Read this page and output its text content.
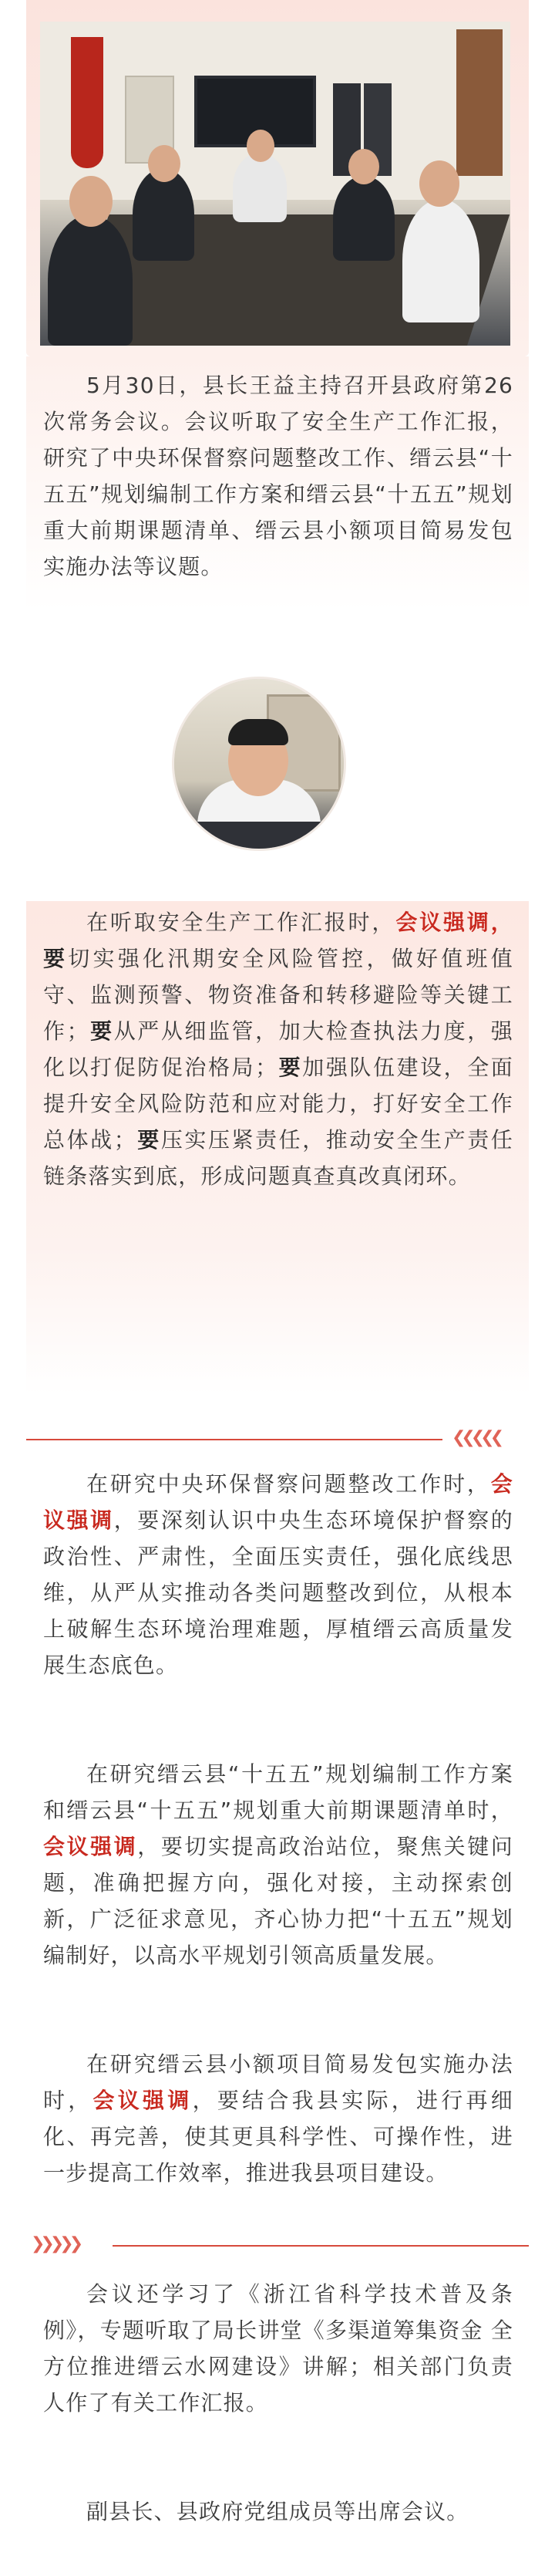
5月30日，县长王益主持召开县政府第26次常务会议。会议听取了安全生产工作汇报，研究了中央环保督察问题整改工作、缙云县“十五五”规划编制工作方案和缙云县“十五五”规划重大前期课题清单、缙云县小额项目简易发包实施办法等议题。

在听取安全生产工作汇报时，会议强调，要切实强化汛期安全风险管控，做好值班值守、监测预警、物资准备和转移避险等关键工作；要从严从细监管，加大检查执法力度，强化以打促防促治格局；要加强队伍建设，全面提升安全风险防范和应对能力，打好安全工作总体战；要压实压紧责任，推动安全生产责任链条落实到底，形成问题真查真改真闭环。

❮❮❮❮❮

在研究中央环保督察问题整改工作时，会议强调，要深刻认识中央生态环境保护督察的政治性、严肃性，全面压实责任，强化底线思维，从严从实推动各类问题整改到位，从根本上破解生态环境治理难题，厚植缙云高质量发展生态底色。

在研究缙云县“十五五”规划编制工作方案和缙云县“十五五”规划重大前期课题清单时，会议强调，要切实提高政治站位，聚焦关键问题，准确把握方向，强化对接，主动探索创新，广泛征求意见，齐心协力把“十五五”规划编制好，以高水平规划引领高质量发展。

在研究缙云县小额项目简易发包实施办法时，会议强调，要结合我县实际，进行再细化、再完善，使其更具科学性、可操作性，进一步提高工作效率，推进我县项目建设。

❯❯❯❯❯

会议还学习了《浙江省科学技术普及条例》，专题听取了局长讲堂《多渠道筹集资金 全方位推进缙云水网建设》讲解；相关部门负责人作了有关工作汇报。

副县长、县政府党组成员等出席会议。
